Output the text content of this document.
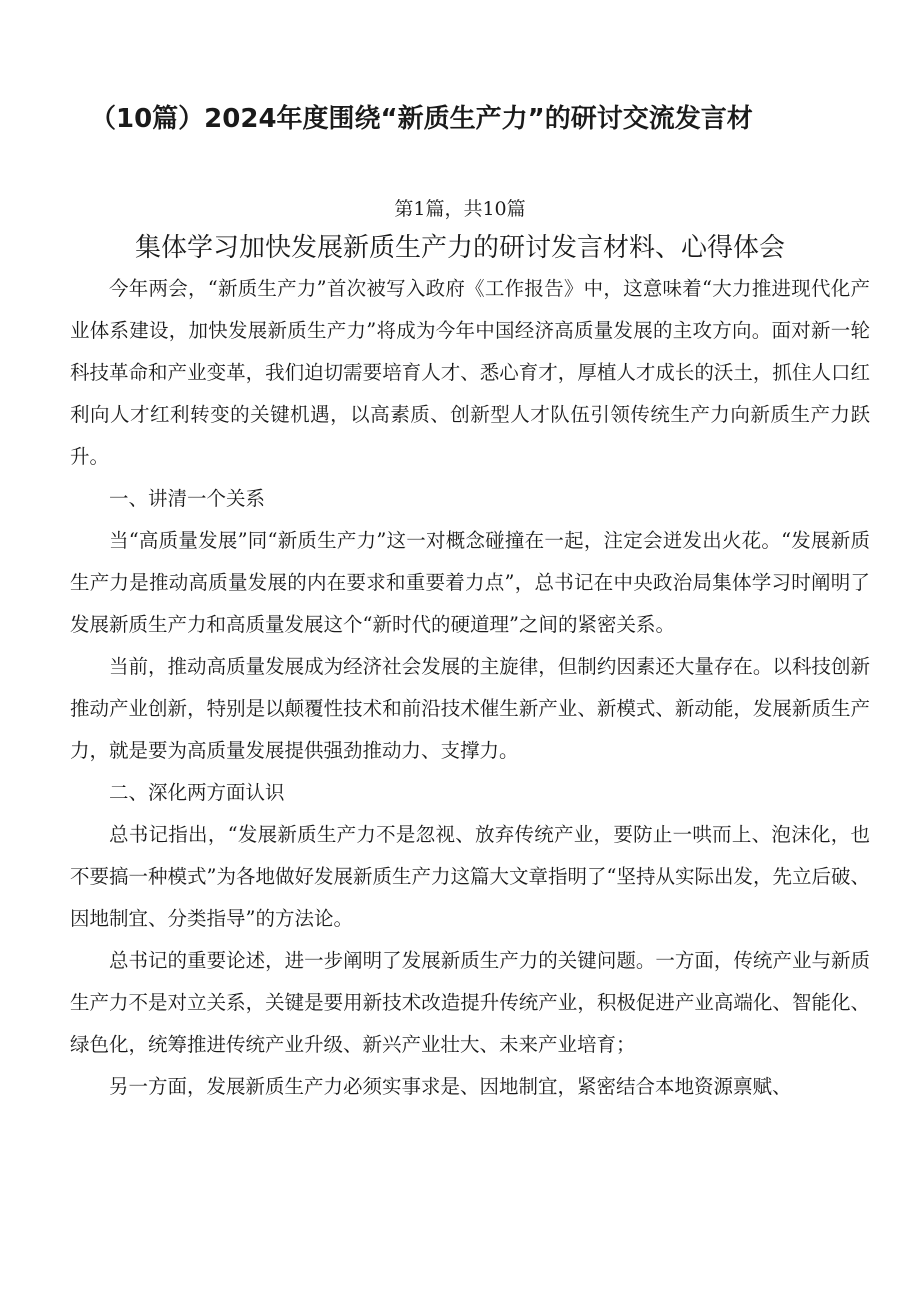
（10篇）2024年度围绕“新质生产力”的研讨交流发言材
第1篇，共10篇
集体学习加快发展新质生产力的研讨发言材料、心得体会

今年两会，“新质生产力”首次被写入政府《工作报告》中，这意味着“大力推进现代化产业体系建设，加快发展新质生产力”将成为今年中国经济高质量发展的主攻方向。面对新一轮科技革命和产业变革，我们迫切需要培育人才、悉心育才，厚植人才成长的沃土，抓住人口红利向人才红利转变的关键机遇，以高素质、创新型人才队伍引领传统生产力向新质生产力跃升。

一、讲清一个关系

当“高质量发展”同“新质生产力”这一对概念碰撞在一起，注定会迸发出火花。“发展新质生产力是推动高质量发展的内在要求和重要着力点”，总书记在中央政治局集体学习时阐明了发展新质生产力和高质量发展这个“新时代的硬道理”之间的紧密关系。

当前，推动高质量发展成为经济社会发展的主旋律，但制约因素还大量存在。以科技创新推动产业创新，特别是以颠覆性技术和前沿技术催生新产业、新模式、新动能，发展新质生产力，就是要为高质量发展提供强劲推动力、支撑力。

二、深化两方面认识

总书记指出，“发展新质生产力不是忽视、放弃传统产业，要防止一哄而上、泡沫化，也不要搞一种模式”为各地做好发展新质生产力这篇大文章指明了“坚持从实际出发，先立后破、因地制宜、分类指导”的方法论。

总书记的重要论述，进一步阐明了发展新质生产力的关键问题。一方面，传统产业与新质生产力不是对立关系，关键是要用新技术改造提升传统产业，积极促进产业高端化、智能化、绿色化，统筹推进传统产业升级、新兴产业壮大、未来产业培育；

另一方面，发展新质生产力必须实事求是、因地制宜，紧密结合本地资源禀赋、
